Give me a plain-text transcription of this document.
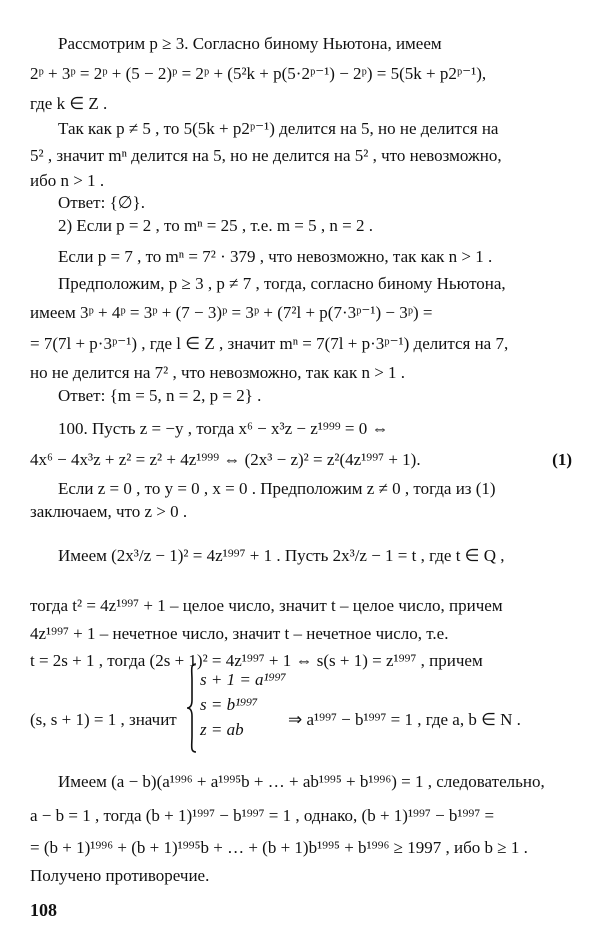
Рассмотрим p ≥ 3. Согласно биному Ньютона, имеем
2ᵖ + 3ᵖ = 2ᵖ + (5 − 2)ᵖ = 2ᵖ + (5²k + p(5·2ᵖ⁻¹) − 2ᵖ) = 5(5k + p2ᵖ⁻¹),
где k ∈ Z .
Так как p ≠ 5 , то 5(5k + p2ᵖ⁻¹) делится на 5, но не делится на
5² , значит mⁿ делится на 5, но не делится на 5² , что невозможно,
ибо n > 1 .
Ответ: {∅}.
2) Если p = 2 , то mⁿ = 25 , т.е. m = 5 , n = 2 .
Если p = 7 , то mⁿ = 7² · 379 , что невозможно, так как n > 1 .
Предположим, p ≥ 3 , p ≠ 7 , тогда, согласно биному Ньютона,
имеем 3ᵖ + 4ᵖ = 3ᵖ + (7 − 3)ᵖ = 3ᵖ + (7²l + p(7·3ᵖ⁻¹) − 3ᵖ) =
= 7(7l + p·3ᵖ⁻¹) , где l ∈ Z , значит mⁿ = 7(7l + p·3ᵖ⁻¹) делится на 7,
но не делится на 7² , что невозможно, так как n > 1 .
Ответ: {m = 5, n = 2, p = 2} .
100. Пусть z = −y , тогда x⁶ − x³z − z¹⁹⁹⁹ = 0 ⇔
4x⁶ − 4x³z + z² = z² + 4z¹⁹⁹⁹ ⇔ (2x³ − z)² = z²(4z¹⁹⁹⁷ + 1).
Если z = 0 , то y = 0 , x = 0 . Предположим z ≠ 0 , тогда из (1)
заключаем, что z > 0 .
Имеем (2x³/z − 1)² = 4z¹⁹⁹⁷ + 1 . Пусть 2x³/z − 1 = t , где t ∈ Q ,
тогда t² = 4z¹⁹⁹⁷ + 1 – целое число, значит t – целое число, причем
4z¹⁹⁹⁷ + 1 – нечетное число, значит t – нечетное число, т.е.
t = 2s + 1 , тогда (2s + 1)² = 4z¹⁹⁹⁷ + 1 ⇔ s(s + 1) = z¹⁹⁹⁷ , причем
(s, s + 1) = 1 , значит	⇒ a¹⁹⁹⁷ − b¹⁹⁹⁷ = 1 , где a, b ∈ N .
Имеем (a − b)(a¹⁹⁹⁶ + a¹⁹⁹⁵b + … + ab¹⁹⁹⁵ + b¹⁹⁹⁶) = 1 , следовательно,
a − b = 1 , тогда (b + 1)¹⁹⁹⁷ − b¹⁹⁹⁷ = 1 , однако, (b + 1)¹⁹⁹⁷ − b¹⁹⁹⁷ =
= (b + 1)¹⁹⁹⁶ + (b + 1)¹⁹⁹⁵b + … + (b + 1)b¹⁹⁹⁵ + b¹⁹⁹⁶ ≥ 1997 , ибо b ≥ 1 .
Получено противоречие.
(1)
s + 1 = a¹⁹⁹⁷
s = b¹⁹⁹⁷
z = ab
108
